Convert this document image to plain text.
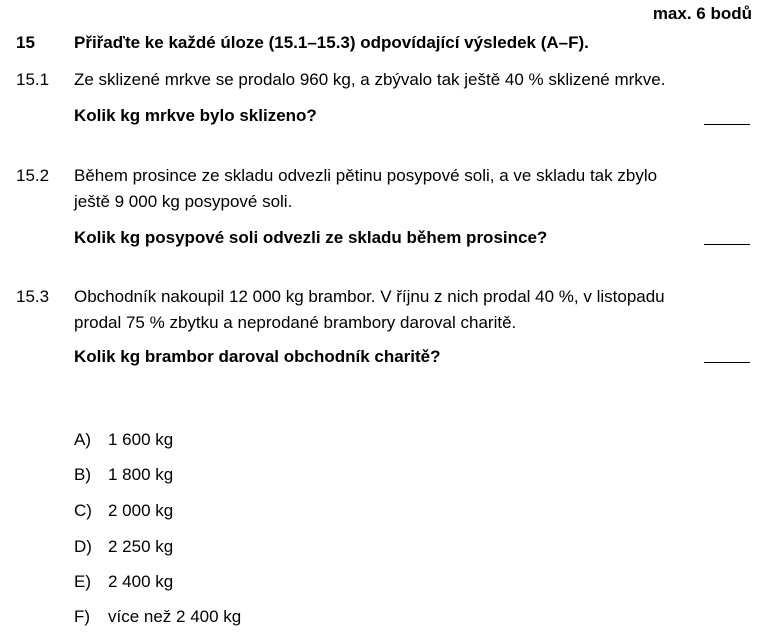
max. 6 bodů
15 Přiřaďte ke každé úloze (15.1–15.3) odpovídající výsledek (A–F).
15.1 Ze sklizené mrkve se prodalo 960 kg, a zbývalo tak ještě 40 % sklizené mrkve.
Kolik kg mrkve bylo sklizeno?
15.2 Během prosince ze skladu odvezli pětinu posypové soli, a ve skladu tak zbylo
ještě 9 000 kg posypové soli.
Kolik kg posypové soli odvezli ze skladu během prosince?
15.3 Obchodník nakoupil 12 000 kg brambor. V říjnu z nich prodal 40 %, v listopadu
prodal 75 % zbytku a neprodané brambory daroval charitě.
Kolik kg brambor daroval obchodník charitě?
A) 1 600 kg
B) 1 800 kg
C) 2 000 kg
D) 2 250 kg
E) 2 400 kg
F) více než 2 400 kg
